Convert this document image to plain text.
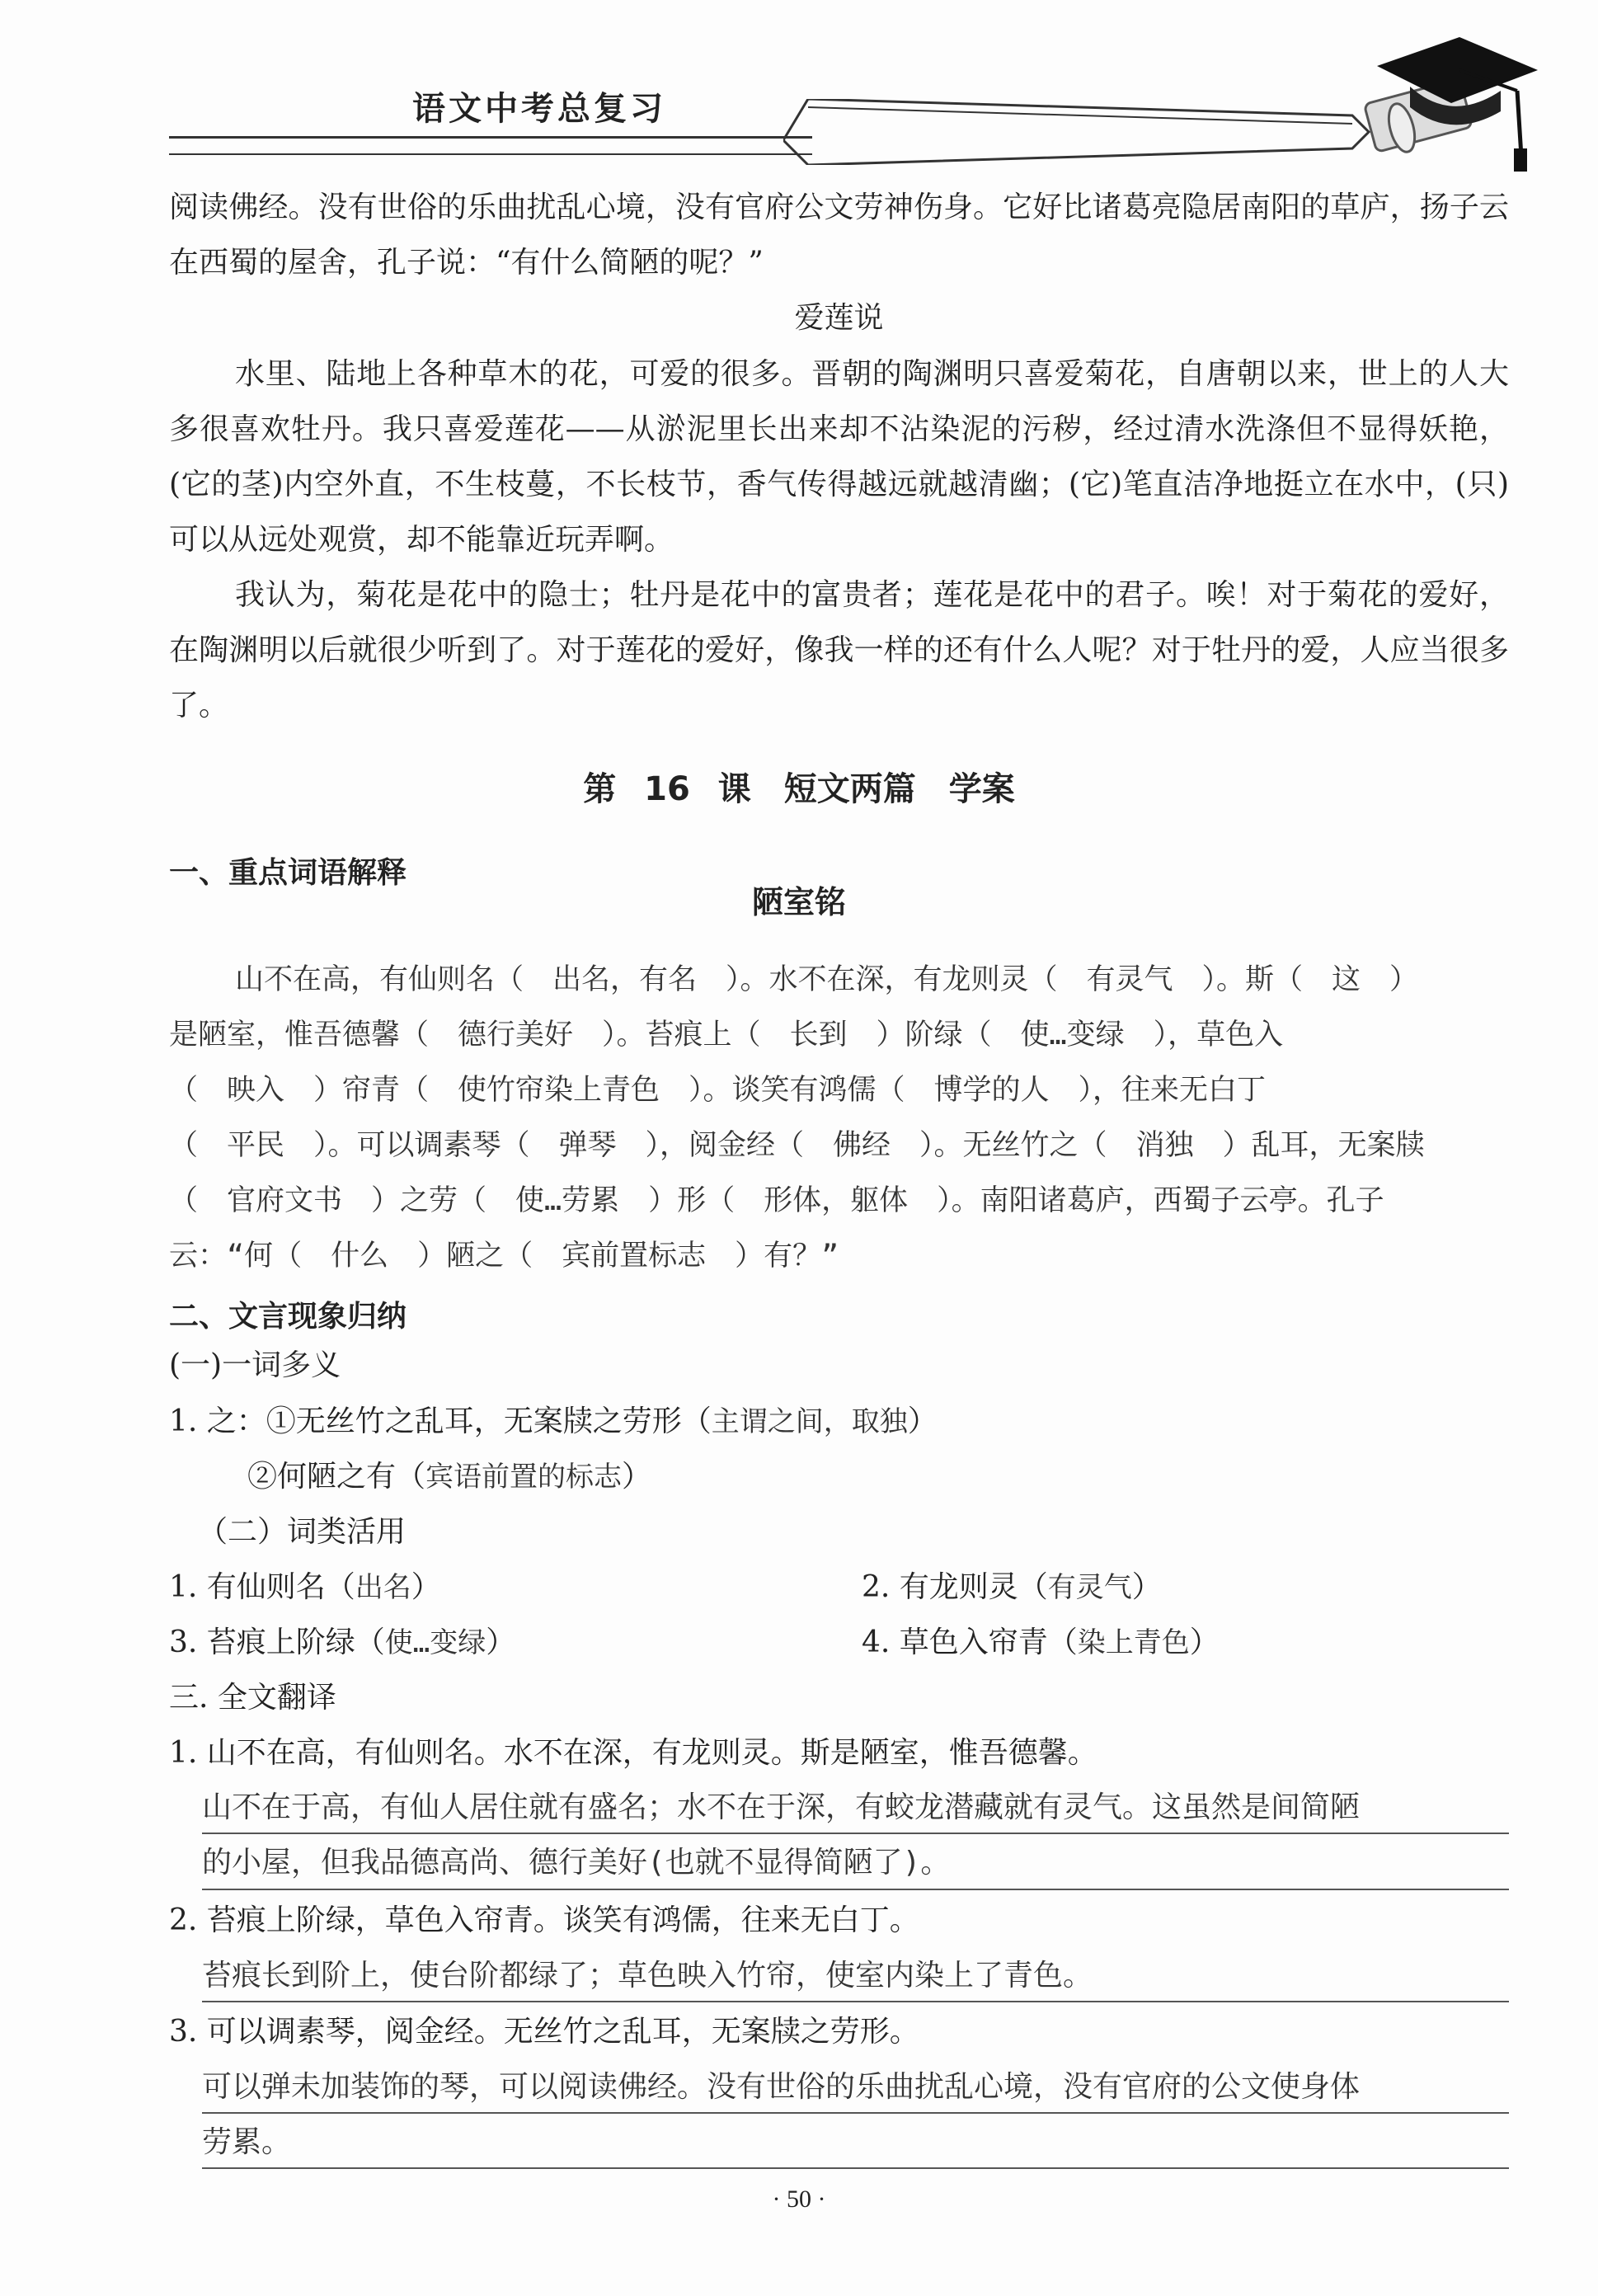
语文中考总复习
阅读佛经。没有世俗的乐曲扰乱心境，没有官府公文劳神伤身。它好比诸葛亮隐居南阳的草庐，扬子云在西蜀的屋舍，孔子说：“有什么简陋的呢？”
爱莲说
水里、陆地上各种草木的花，可爱的很多。晋朝的陶渊明只喜爱菊花，自唐朝以来，世上的人大多很喜欢牡丹。我只喜爱莲花——从淤泥里长出来却不沾染泥的污秽，经过清水洗涤但不显得妖艳，(它的茎)内空外直，不生枝蔓，不长枝节，香气传得越远就越清幽；(它)笔直洁净地挺立在水中，(只)可以从远处观赏，却不能靠近玩弄啊。
我认为，菊花是花中的隐士；牡丹是花中的富贵者；莲花是花中的君子。唉！对于菊花的爱好，在陶渊明以后就很少听到了。对于莲花的爱好，像我一样的还有什么人呢？对于牡丹的爱，人应当很多了。
第 16 课　短文两篇　学案
一、重点词语解释
陋室铭
山不在高，有仙则名（　出名，有名　）。水不在深，有龙则灵（　有灵气　）。斯（　这　）
是陋室，惟吾德馨（　德行美好　）。苔痕上（　长到　）阶绿（　使…变绿　），草色入
（　映入　）帘青（　使竹帘染上青色　）。谈笑有鸿儒（　博学的人　），往来无白丁
（　平民　）。可以调素琴（　弹琴　），阅金经（　佛经　）。无丝竹之（　消独　）乱耳，无案牍
（　官府文书　）之劳（　使…劳累　）形（　形体，躯体　）。南阳诸葛庐，西蜀子云亭。孔子
云：“何（　什么　）陋之（　宾前置标志　）有？”
二、文言现象归纳
(一)一词多义
1. 之：①无丝竹之乱耳，无案牍之劳形（主谓之间，取独）
②何陋之有（宾语前置的标志）
（二）词类活用
1. 有仙则名（出名）	2. 有龙则灵（有灵气）
3. 苔痕上阶绿（使…变绿）	4. 草色入帘青（染上青色）
三. 全文翻译
1. 山不在高，有仙则名。水不在深，有龙则灵。斯是陋室，惟吾德馨。
山不在于高，有仙人居住就有盛名；水不在于深，有蛟龙潜藏就有灵气。这虽然是间简陋
的小屋，但我品德高尚、德行美好(也就不显得简陋了)。
2. 苔痕上阶绿，草色入帘青。谈笑有鸿儒，往来无白丁。
苔痕长到阶上，使台阶都绿了；草色映入竹帘，使室内染上了青色。
3. 可以调素琴，阅金经。无丝竹之乱耳，无案牍之劳形。
可以弹未加装饰的琴，可以阅读佛经。没有世俗的乐曲扰乱心境，没有官府的公文使身体
劳累。
· 50 ·
